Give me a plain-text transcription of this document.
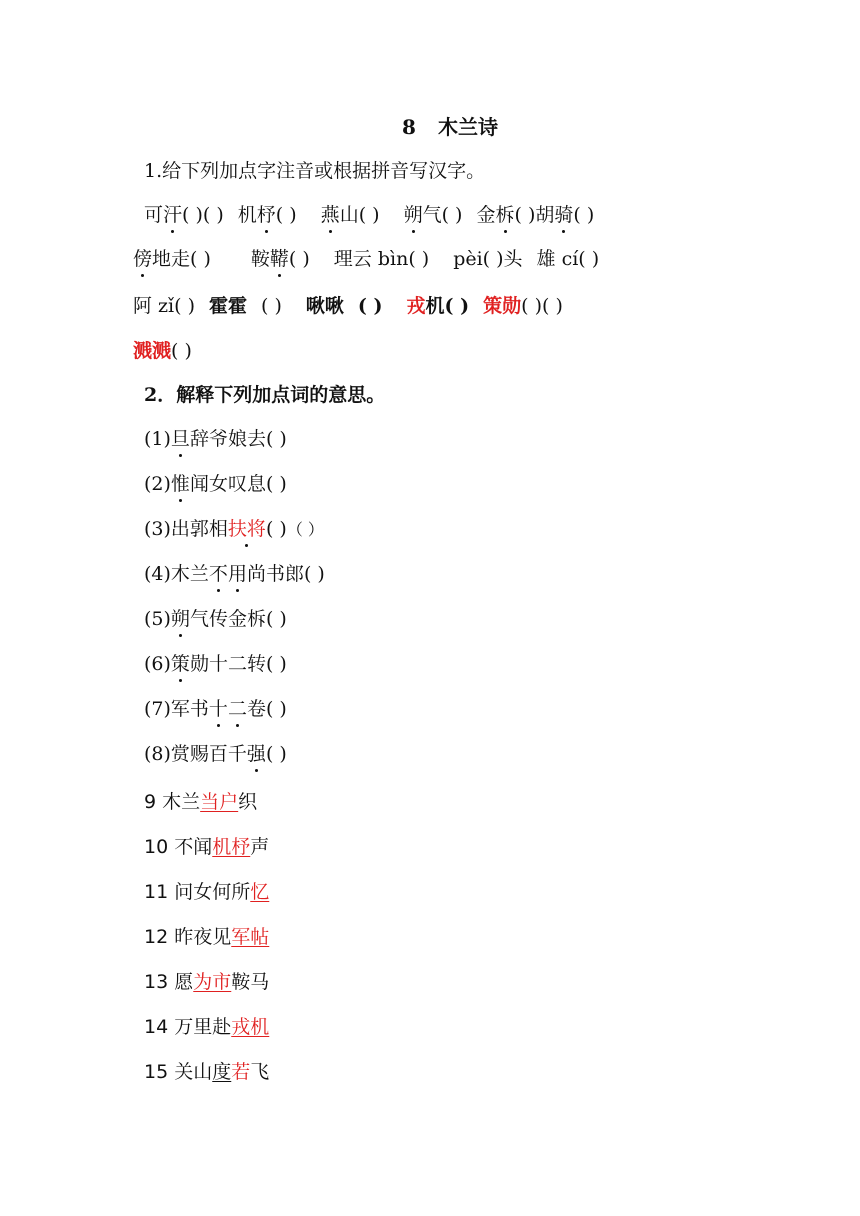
8 木兰诗
1.给下列加点字注音或根据拼音写汉字。
可汗( )( ) 机杼( ) 燕山( ) 朔气( ) 金柝( )胡骑( )
傍地走( ) 鞍鞯( ) 理云 bìn( ) pèi( )头 雄 cí( )
阿 zǐ( ) 霍霍 ( ) 啾啾 ( ) 戎机( ) 策勋( )( )
溅溅( )
2．解释下列加点词的意思。
(1)旦辞爷娘去( )
(2)惟闻女叹息( )
(3)出郭相扶将( )（ ）
(4)木兰不用尚书郎( )
(5)朔气传金柝( )
(6)策勋十二转( )
(7)军书十二卷( )
(8)赏赐百千强( )
9 木兰当户织
10 不闻机杼声
11 问女何所忆
12 昨夜见军帖
13 愿为市鞍马
14 万里赴戎机
15 关山度若飞
